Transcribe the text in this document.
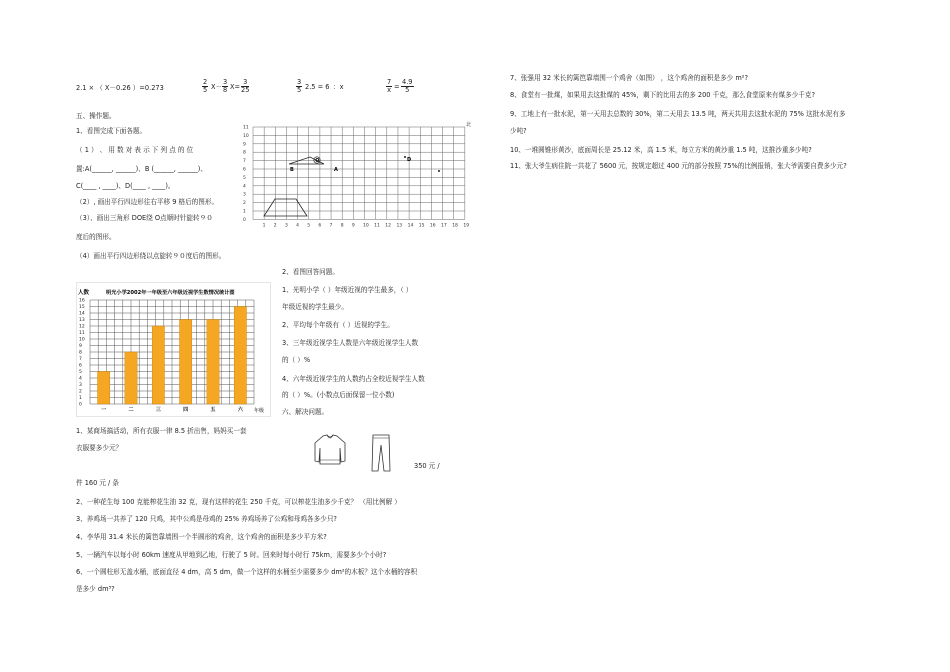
2.1 × （ X－0.26 ）=0.273	$\frac{2}{5} X- \frac{3}{8} X= \frac{3}{25}$	$\frac{3}{5} 2.5 = 6$ ：x	$\frac{7}{x} = \frac{4.9}{5}$
五、操作题。
1、看图完成下面各题。
（ 1 ） 、 用 数 对 表 示 下 列 点 的 位
置:A(______, ______)、B (______, ______)、
C(____ , ____)、D(____ , ____)。
（2）, 画出平行四边形往右平移 9 格后的图形。
（3）、画出三角形 DOE绕 O点顺时针旋转９０
度后的图形。
（4）画出平行四边形绕以点旋转９０度后的图形。
11
10
9
8
7
6
5
4
3
2
1
0
1 2 3 4 5 6 7 8 9 10 11 12 13 14 15 16 17 18 19
O
B	A
D
北
人数	明光小学2002年一年级至六年级近视学生数情况统计图
0
1
2
3
4
5
6
7
8
9
10
11
12
13
14
15
16
一	二	三	四	五	六 年级
2、看图回答问题。
1、光明小学（ ）年级近视的学生最多，（ ）
年级近视的学生最少。
2、平均每个年级有（ ）近视的学生。
3、三年级近视学生人数是六年级近视学生人数
的（ ）%
4、六年级近视学生的人数约占全校近视学生人数
的（ ）%。(小数点后面保留一位小数)
六、解决问题。
350 元 /
1、某商场搞活动，所有衣服一律 8.5 折出售，妈妈买一套
衣服要多少元？
件 160 元 / 条
2、一种花生每 100 克能榨花生油 32 克，现有这样的花生 250 千克，可以榨花生油多少千克？ （用比例解 ）
3、养鸡场一共养了 120 只鸡，其中公鸡是母鸡的 25% 养鸡场养了公鸡和母鸡各多少只?
4、李华用 31.4 米长的篱笆靠墙围一个半圆形的鸡舍，这个鸡舍的面积是多少平方米?
5、一辆汽车以每小时 60km 速度从甲地到乙地，行驶了 5 时。回来时每小时行 75km，需要多少个小时?
6、一个圆柱形无盖水桶，底面直径 4 dm，高 5 dm，做一个这样的水桶至少需要多少 dm²的木板？这个水桶的容积
是多少 dm³?
7、张强用 32 米长的篱笆靠墙围一个鸡舍（如图） ，这个鸡舍的面积是多少 m²?
8、食堂有一批煤，如果用去这批煤的 45%，剩下的比用去的多 200 千克，那么食堂原来有煤多少千克?
9、工地上有一批水泥，第一天用去总数的 30%，第二天用去 13.5 吨，两天共用去这批水泥的 75% 这批水泥有多
少吨?
10、一堆圆锥形黄沙，底面周长是 25.12 米，高 1.5 米，每立方米的黄沙重 1.5 吨，这推沙重多少吨?
11、张大爷生病住院一共花了 5600 元，按规定超过 400 元的部分按照 75%的比例报销，张大爷需要自费多少元?
